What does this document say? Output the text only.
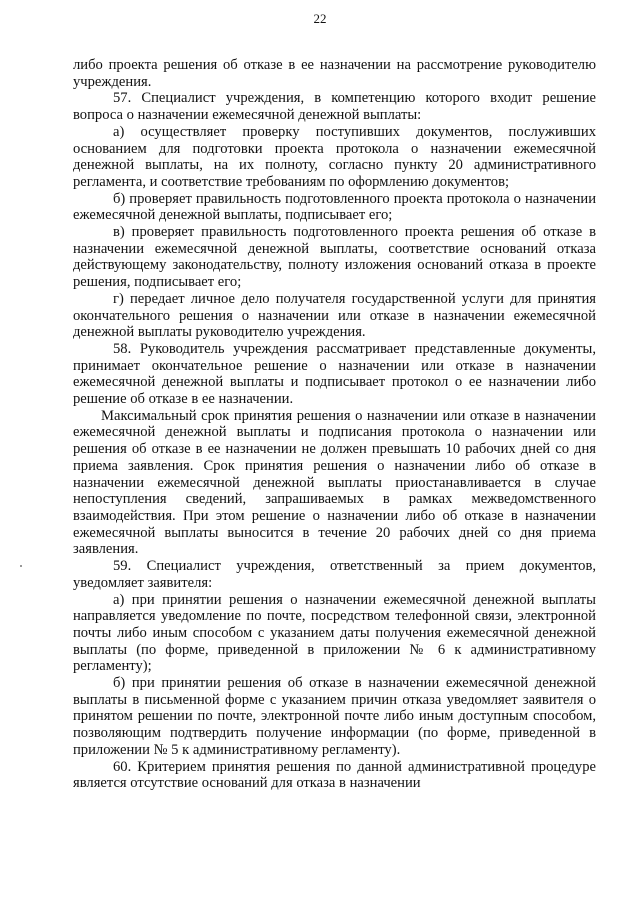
22

либо проекта решения об отказе в ее назначении на рассмотрение руководителю учреждения.

57. Специалист учреждения, в компетенцию которого входит решение вопроса о назначении ежемесячной денежной выплаты:

а) осуществляет проверку поступивших документов, послуживших основанием для подготовки проекта протокола о назначении ежемесячной денежной выплаты, на их полноту, согласно пункту 20 административного регламента, и соответствие требованиям по оформлению документов;

б) проверяет правильность подготовленного проекта протокола о назначении ежемесячной денежной выплаты, подписывает его;

в) проверяет правильность подготовленного проекта решения об отказе в назначении ежемесячной денежной выплаты, соответствие оснований отказа действующему законодательству, полноту изложения оснований отказа в проекте решения, подписывает его;

г) передает личное дело получателя государственной услуги для принятия окончательного решения о назначении или отказе в назначении ежемесячной денежной выплаты руководителю учреждения.

58. Руководитель учреждения рассматривает представленные документы, принимает окончательное решение о назначении или отказе в назначении ежемесячной денежной выплаты и подписывает протокол о ее назначении либо решение об отказе в ее назначении.

Максимальный срок принятия решения о назначении или отказе в назначении ежемесячной денежной выплаты и подписания протокола о назначении или решения об отказе в ее назначении не должен превышать 10 рабочих дней со дня приема заявления. Срок принятия решения о назначении либо об отказе в назначении ежемесячной денежной выплаты приостанавливается в случае непоступления сведений, запрашиваемых в рамках межведомственного взаимодействия. При этом решение о назначении либо об отказе в назначении ежемесячной выплаты выносится в течение 20 рабочих дней со дня приема заявления.

59. Специалист учреждения, ответственный за прием документов, уведомляет заявителя:

а) при принятии решения о назначении ежемесячной денежной выплаты направляется уведомление по почте, посредством телефонной связи, электронной почты либо иным способом с указанием даты получения ежемесячной денежной выплаты (по форме, приведенной в приложении № 6 к административному регламенту);

б) при принятии решения об отказе в назначении ежемесячной денежной выплаты в письменной форме с указанием причин отказа уведомляет заявителя о принятом решении по почте, электронной почте либо иным доступным способом, позволяющим подтвердить получение информации (по форме, приведенной в приложении № 5 к административному регламенту).

60. Критерием принятия решения по данной административной процедуре является отсутствие оснований для отказа в назначении
